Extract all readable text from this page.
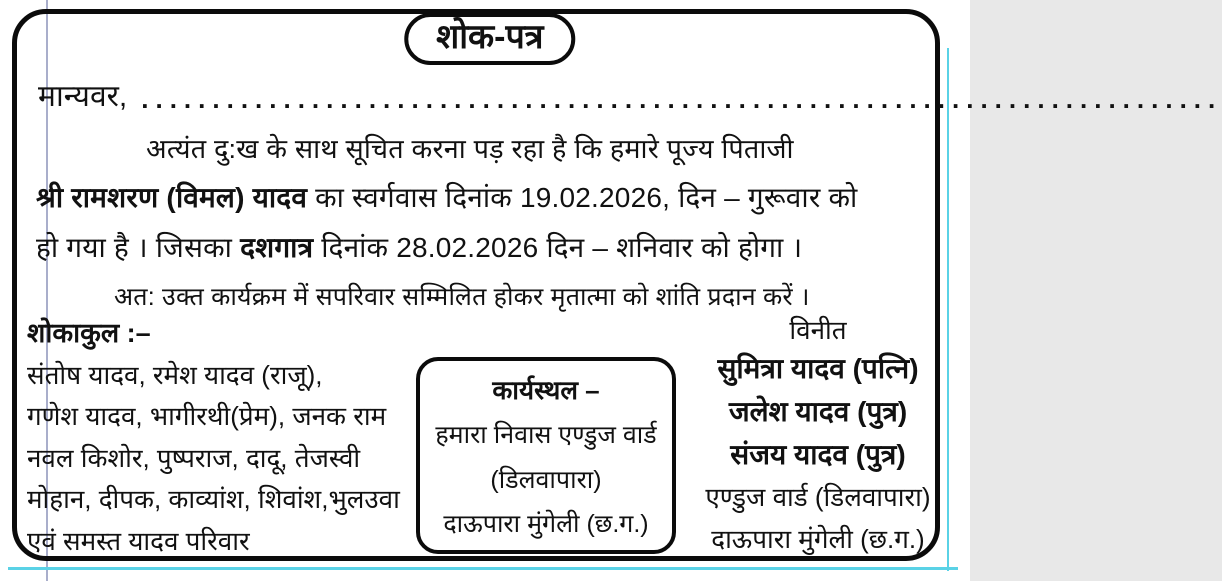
शोक-पत्र
मान्यवर, ............................................................................
अत्यंत दु:ख के साथ सूचित करना पड़ रहा है कि हमारे पूज्य पिताजी
श्री रामशरण (विमल) यादव का स्वर्गवास दिनांक 19.02.2026, दिन – गुरूवार को
हो गया है । जिसका दशगात्र दिनांक 28.02.2026 दिन – शनिवार को होगा ।
अत: उक्त कार्यक्रम में सपरिवार सम्मिलित होकर मृतात्मा को शांति प्रदान करें ।
शोकाकुल :–
संतोष यादव, रमेश यादव (राजू),
गणेश यादव, भागीरथी(प्रेम), जनक राम
नवल किशोर, पुष्पराज, दादू, तेजस्वी
मोहान, दीपक, काव्यांश, शिवांश,भुलउवा
एवं समस्त यादव परिवार
कार्यस्थल –
हमारा निवास एण्डुज वार्ड
(डिलवापारा)
दाऊपारा मुंगेली (छ.ग.)
विनीत
सुमित्रा यादव (पत्नि)
जलेश यादव (पुत्र)
संजय यादव (पुत्र)
एण्डुज वार्ड (डिलवापारा)
दाऊपारा मुंगेली (छ.ग.)
